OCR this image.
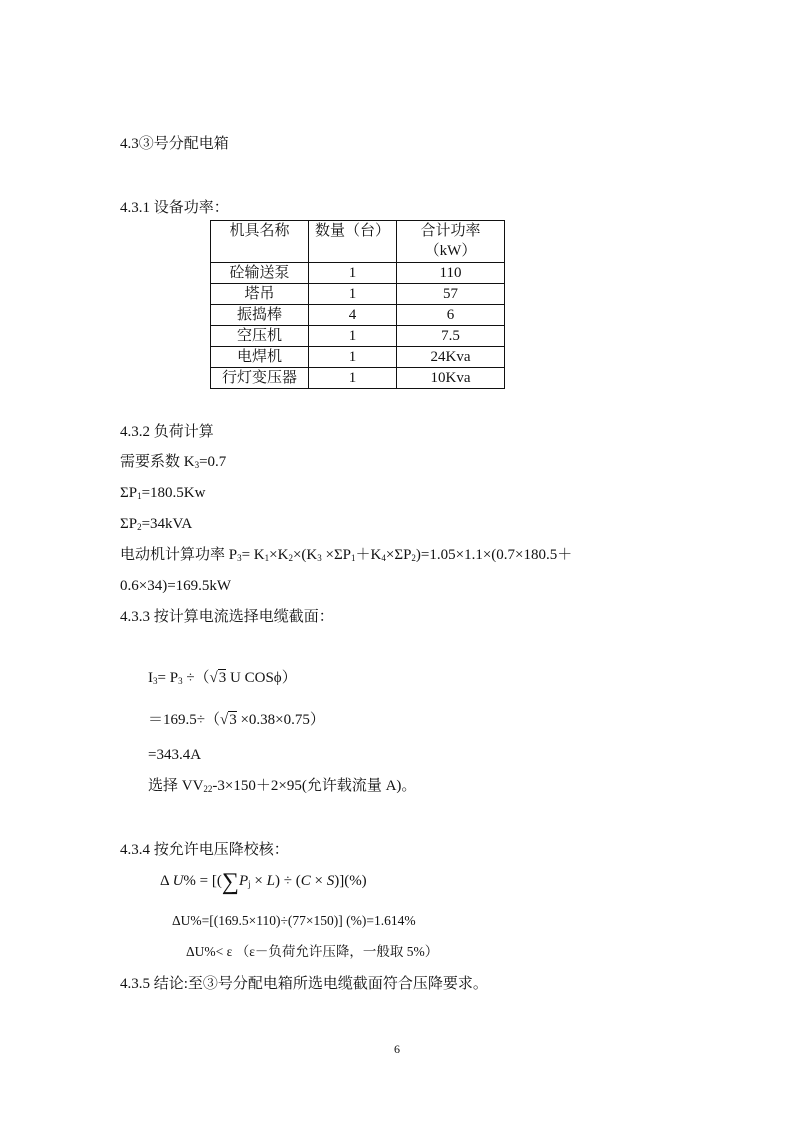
机具名称	数量（台）	合计功率
（kW）
砼输送泵	1	110
塔吊	1	57
振捣棒	4	6
空压机	1	7.5
电焊机	1	24Kva
行灯变压器	1	10Kva
4.3③号分配电箱
4.3.1 设备功率：
4.3.2 负荷计算
需要系数 $K_3=0.7$
$\Sigma P_1=180.5Kw$
$\Sigma P_2=34kVA$
电动机计算功率 $P_3= K_1\times K_2\times(K_3 \times\Sigma P_1+K_4\times\Sigma P_2)=1.05\times 1.1\times(0.7\times 180.5+$
0.6×34)=169.5kW
4.3.3 按计算电流选择电缆截面：
$I_3= P_3 \div(√3$ U COSϕ）
＝169.5÷（√3 ×0.38×0.75）
=343.4A
选择 $VV_{22}-3\times 150+2\times 95$(允许载流量 A)。
4.3.4 按允许电压降校核：
Δ $U\% = [(\sum P_j \times L) \div (C \times S)](\%)$
ΔU%=[(169.5×110)÷(77×150)] (%)=1.614%
ΔU%< ε （ε－负荷允许压降，一般取 5%）
4.3.5 结论:至③号分配电箱所选电缆截面符合压降要求。
6
